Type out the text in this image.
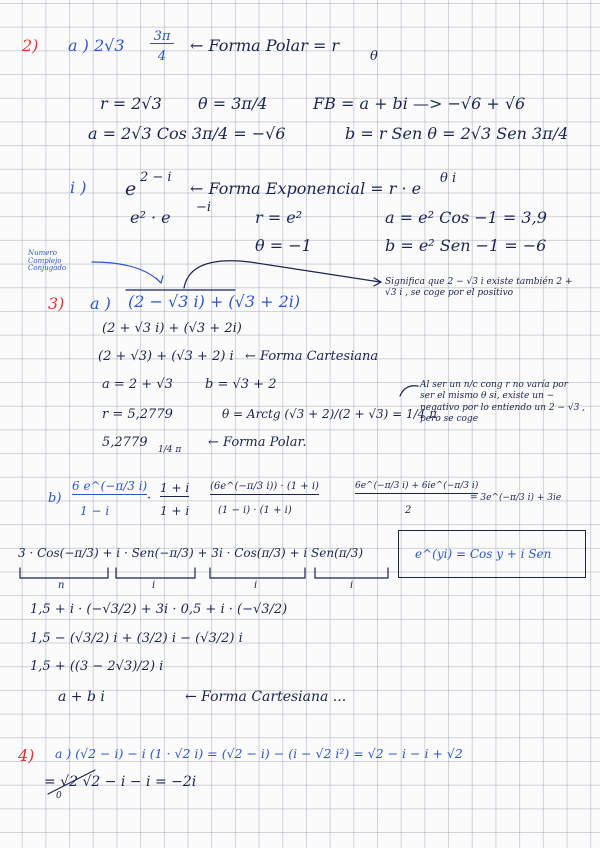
2) a ) 2√3 3π
4
← Forma Polar = r
θ
r = 2√3 θ = 3π/4	FB = a + bi —> −√6 + √6
a = 2√3 Cos 3π/4 = −√6	b = r Sen θ = 2√3 Sen 3π/4
i ) e
2 − i
← Forma Exponencial = r · e
θ i
e² · e
−i
r = e²	a = e² Cos −1 = 3,9
θ = −1	b = e² Sen −1 = −6
Numero Complejo Conjugado
Significa que 2 − √3 i existe también 2 + √3 i , se coge por el positivo
3) a ) (2 − √3 i) + (√3 + 2i)
(2 + √3 i) + (√3 + 2i)
(2 + √3) + (√3 + 2) i ← Forma Cartesiana
a = 2 + √3 b = √3 + 2	Al ser un n/c cong r no varía por ser el mismo θ si, existe un − negativo por lo entiendo un 2 − √3 , pero se coge
r = 5,2779	θ = Arctg (√3 + 2)/(2 + √3) = 1/4 π
5,2779 1/4 π ← Forma Polar.
b)
6 e^(−π/3 i)
1 − i
·
1 + i
1 + i
(6e^(−π/3 i)) · (1 + i)
(1 − i) · (1 + i)
6e^(−π/3 i) + 6ie^(−π/3 i)
2
= 3e^(−π/3 i) + 3ie
3 · Cos(−π/3) + i · Sen(−π/3) + 3i · Cos(π/3) + i Sen(π/3)	e^(yi) = Cos y + i Sen
n	i	i	i
1,5 + i · (−√3/2) + 3i · 0,5 + i · (−√3/2)
1,5 − (√3/2) i + (3/2) i − (√3/2) i
1,5 + ((3 − 2√3)/2) i
a + b i	← Forma Cartesiana ...
4) a ) (√2 − i) − i (1 · √2 i) = (√2 − i) − (i − √2 i²) = √2 − i − i + √2
= √2 √2 − i − i = −2i
0
